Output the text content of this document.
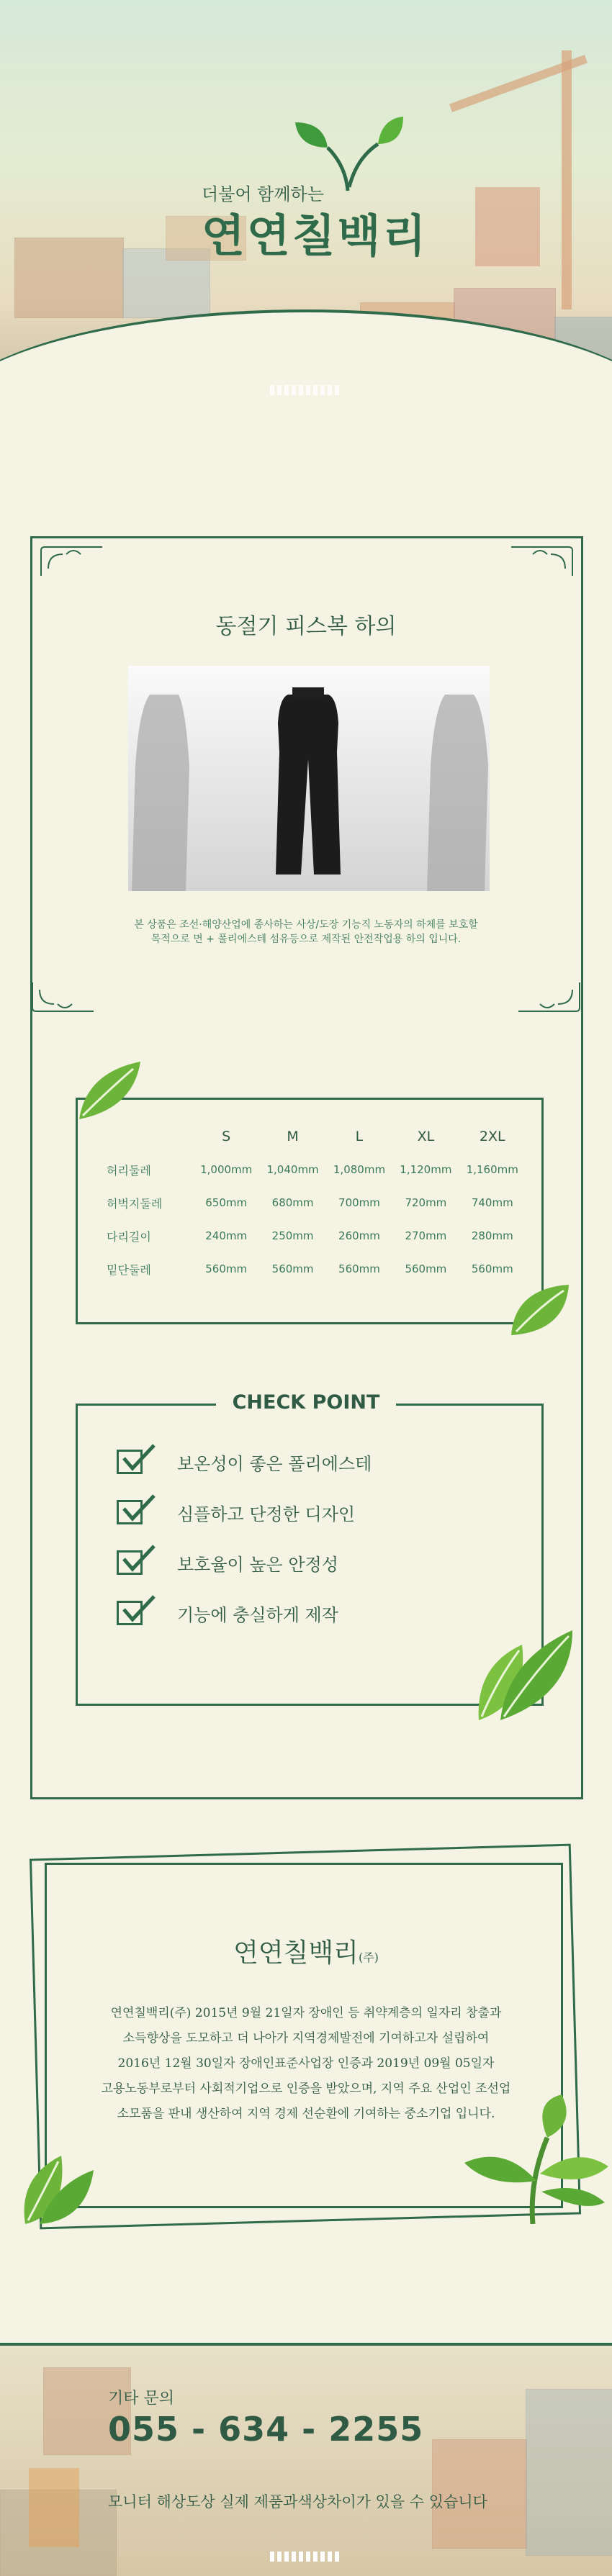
더불어 함께하는
연연칠백리
동절기 피스복 하의
본 상품은 조선·해양산업에 종사하는 사상/도장 기능직 노동자의 하체를 보호할
목적으로 면 + 폴리에스테 섬유등으로 제작된 안전작업용 하의 입니다.
	S	M	L	XL	2XL
허리둘레	1,000mm	1,040mm	1,080mm	1,120mm	1,160mm
허벅지둘레	650mm	680mm	700mm	720mm	740mm
다리길이	240mm	250mm	260mm	270mm	280mm
밑단둘레	560mm	560mm	560mm	560mm	560mm
CHECK POINT
보온성이 좋은 폴리에스테
심플하고 단정한 디자인
보호율이 높은 안정성
기능에 충실하게 제작
연연칠백리(주)
연연칠백리(주) 2015년 9월 21일자 장애인 등 취약계층의 일자리 창출과
소득향상을 도모하고 더 나아가 지역경제발전에 기여하고자 설립하여
2016년 12월 30일자 장애인표준사업장 인증과 2019년 09월 05일자
고용노동부로부터 사회적기업으로 인증을 받았으며, 지역 주요 산업인 조선업
소모품을 판내 생산하여 지역 경제 선순환에 기여하는 중소기업 입니다.
기타 문의
055 - 634 - 2255
모니터 해상도상 실제 제품과색상차이가 있을 수 있습니다
